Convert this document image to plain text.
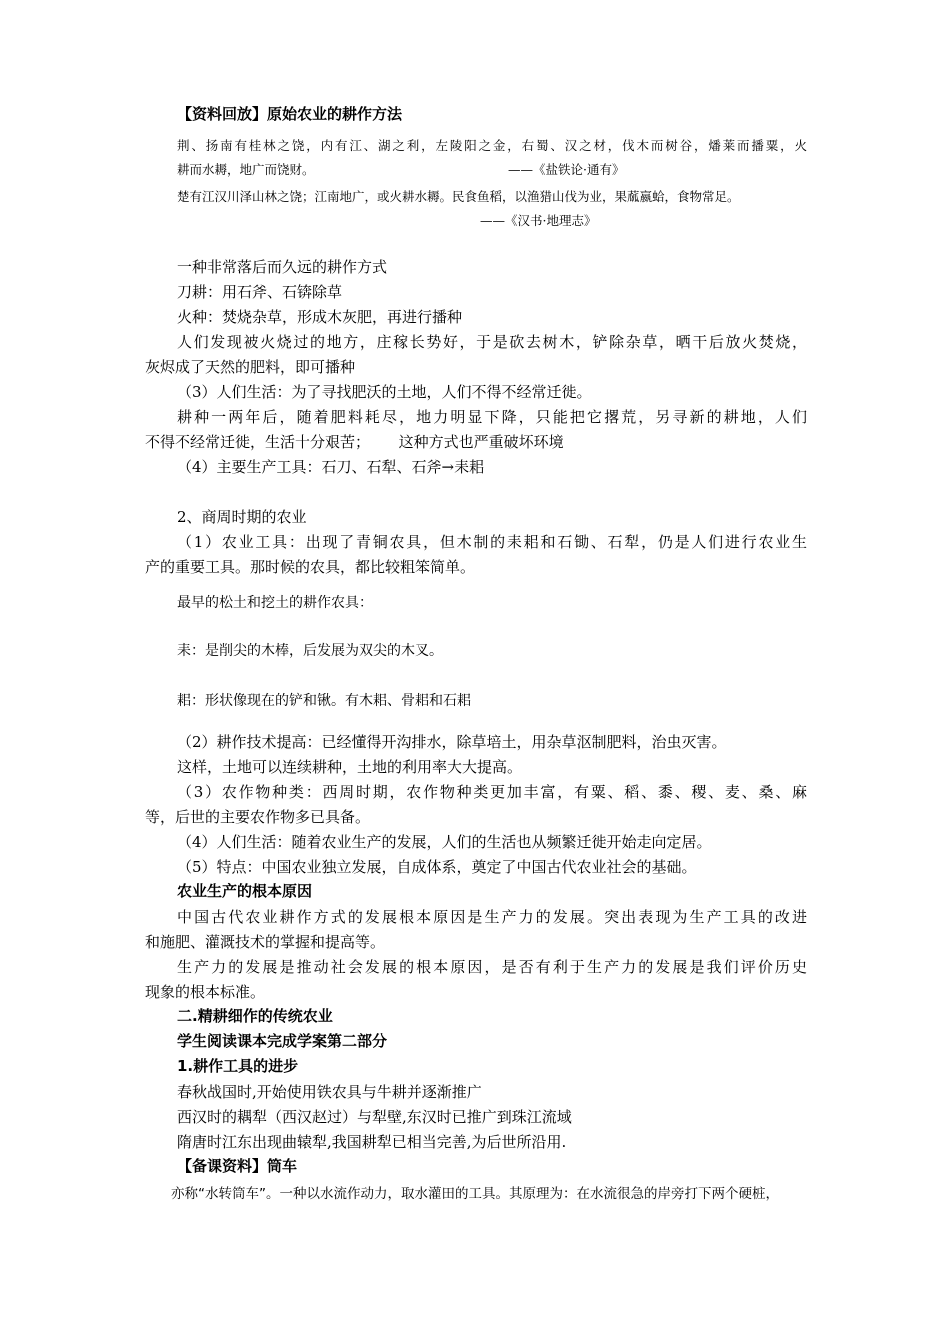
【资料回放】原始农业的耕作方法
荆、扬南有桂林之饶，内有江、湖之利，左陵阳之金，右蜀、汉之材，伐木而树谷，燔莱而播粟，火
耕而水耨，地广而饶财。	——《盐铁论·通有》
楚有江汉川泽山林之饶；江南地广，或火耕水耨。民食鱼稻，以渔猎山伐为业，果蓏嬴蛤，食物常足。
——《汉书·地理志》
一种非常落后而久远的耕作方式
刀耕：用石斧、石锛除草
火种：焚烧杂草，形成木灰肥，再进行播种
人们发现被火烧过的地方，庄稼长势好，于是砍去树木，铲除杂草，晒干后放火焚烧，
灰烬成了天然的肥料，即可播种
（3）人们生活：为了寻找肥沃的土地，人们不得不经常迁徙。
耕种一两年后，随着肥料耗尽，地力明显下降，只能把它撂荒，另寻新的耕地，人们
不得不经常迁徙，生活十分艰苦；      这种方式也严重破坏环境
（4）主要生产工具：石刀、石犁、石斧→耒耜
2、商周时期的农业
（1）农业工具：出现了青铜农具，但木制的耒耜和石锄、石犁，仍是人们进行农业生
产的重要工具。那时候的农具，都比较粗笨简单。
最早的松土和挖土的耕作农具：
耒：是削尖的木棒，后发展为双尖的木叉。
耜：形状像现在的铲和锹。有木耜、骨耜和石耜
（2）耕作技术提高：已经懂得开沟排水，除草培土，用杂草沤制肥料，治虫灭害。
这样，土地可以连续耕种，土地的利用率大大提高。
（3）农作物种类：西周时期，农作物种类更加丰富，有粟、稻、黍、稷、麦、桑、麻
等，后世的主要农作物多已具备。
（4）人们生活：随着农业生产的发展，人们的生活也从频繁迁徙开始走向定居。
（5）特点：中国农业独立发展，自成体系，奠定了中国古代农业社会的基础。
农业生产的根本原因
中国古代农业耕作方式的发展根本原因是生产力的发展。突出表现为生产工具的改进
和施肥、灌溉技术的掌握和提高等。
生产力的发展是推动社会发展的根本原因，是否有利于生产力的发展是我们评价历史
现象的根本标准。
二.精耕细作的传统农业
学生阅读课本完成学案第二部分
1.耕作工具的进步
春秋战国时,开始使用铁农具与牛耕并逐渐推广
西汉时的耦犁（西汉赵过）与犁壁,东汉时已推广到珠江流域
隋唐时江东出现曲辕犁,我国耕犁已相当完善,为后世所沿用.
【备课资料】筒车
亦称“水转筒车”。一种以水流作动力，取水灌田的工具。其原理为：在水流很急的岸旁打下两个硬桩，
